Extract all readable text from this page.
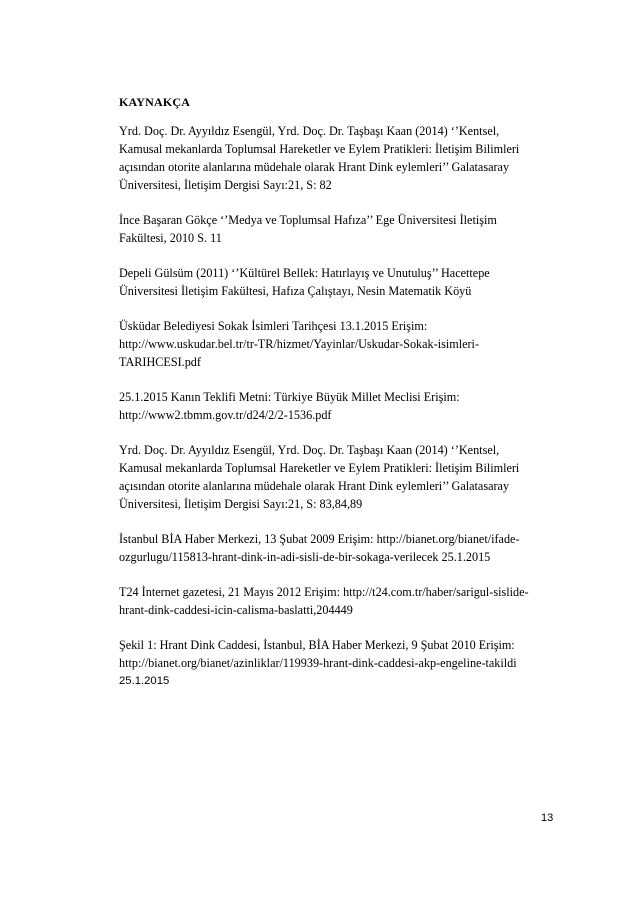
KAYNAKÇA
Yrd. Doç. Dr. Ayyıldız Esengül, Yrd. Doç. Dr. Taşbaşı Kaan (2014) ‘’Kentsel,
Kamusal mekanlarda Toplumsal Hareketler ve Eylem Pratikleri: İletişim Bilimleri
açısından otorite alanlarına müdehale olarak Hrant Dink eylemleri’’ Galatasaray
Üniversitesi, İletişim Dergisi Sayı:21, S: 82
İnce Başaran Gökçe ‘’Medya ve Toplumsal Hafıza’’ Ege Üniversitesi İletişim
Fakültesi, 2010 S. 11
Depeli Gülsüm (2011) ‘’Kültürel Bellek: Hatırlayış ve Unutuluş’’ Hacettepe
Üniversitesi İletişim Fakültesi, Hafıza Çalıştayı, Nesin Matematik Köyü
Üsküdar Belediyesi Sokak İsimleri Tarihçesi 13.1.2015 Erişim:
http://www.uskudar.bel.tr/tr-TR/hizmet/Yayinlar/Uskudar-Sokak-isimleri-
TARIHCESI.pdf
25.1.2015 Kanın Teklifi Metni: Türkiye Büyük Millet Meclisi Erişim:
http://www2.tbmm.gov.tr/d24/2/2-1536.pdf
Yrd. Doç. Dr. Ayyıldız Esengül, Yrd. Doç. Dr. Taşbaşı Kaan (2014) ‘’Kentsel,
Kamusal mekanlarda Toplumsal Hareketler ve Eylem Pratikleri: İletişim Bilimleri
açısından otorite alanlarına müdehale olarak Hrant Dink eylemleri’’ Galatasaray
Üniversitesi, İletişim Dergisi Sayı:21, S: 83,84,89
İstanbul BİA Haber Merkezi, 13 Şubat 2009 Erişim: http://bianet.org/bianet/ifade-
ozgurlugu/115813-hrant-dink-in-adi-sisli-de-bir-sokaga-verilecek 25.1.2015
T24 İnternet gazetesi, 21 Mayıs 2012 Erişim: http://t24.com.tr/haber/sarigul-sislide-
hrant-dink-caddesi-icin-calisma-baslatti,204449
Şekil 1: Hrant Dink Caddesi, İstanbul, BİA Haber Merkezi, 9 Şubat 2010 Erişim:
http://bianet.org/bianet/azinliklar/119939-hrant-dink-caddesi-akp-engeline-takildi
25.1.2015
13
